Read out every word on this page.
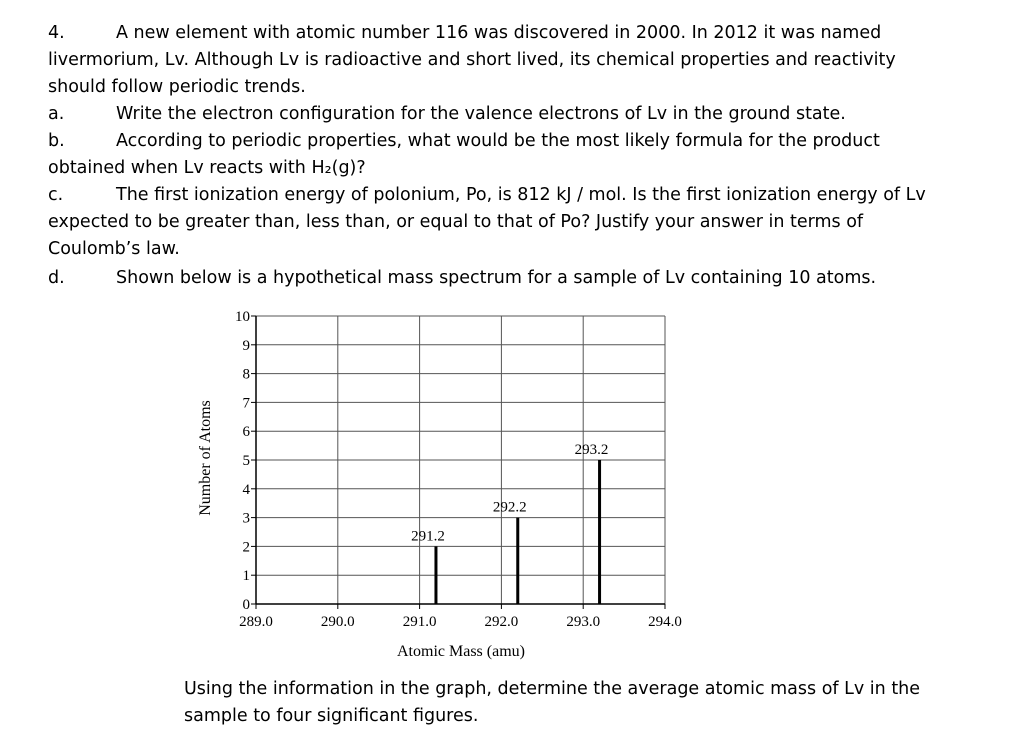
4.	A new element with atomic number 116 was discovered in 2000. In 2012 it was named
livermorium, Lv. Although Lv is radioactive and short lived, its chemical properties and reactivity
should follow periodic trends.
a.	Write the electron configuration for the valence electrons of Lv in the ground state.
b.	According to periodic properties, what would be the most likely formula for the product
obtained when Lv reacts with H₂(g)?
c.	The first ionization energy of polonium, Po, is 812 kJ / mol. Is the first ionization energy of Lv
expected to be greater than, less than, or equal to that of Po? Justify your answer in terms of
Coulomb’s law.
d.	Shown below is a hypothetical mass spectrum for a sample of Lv containing 10 atoms.
0
1
2
3
4
5
6
7
8
9
10
289.0	290.0	291.0	292.0	293.0	294.0
291.2
292.2
293.2
Atomic Mass (amu)
Number of Atoms
Using the information in the graph, determine the average atomic mass of Lv in the
sample to four significant figures.
